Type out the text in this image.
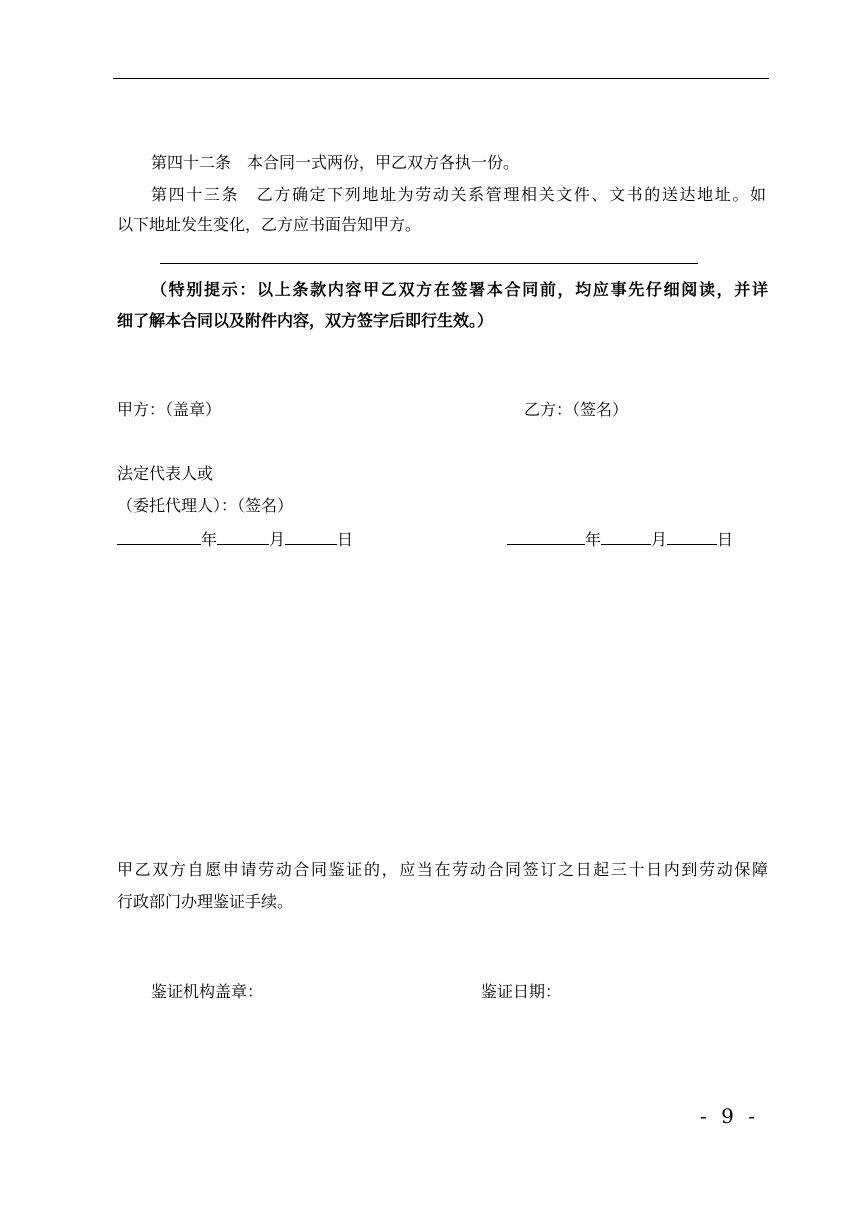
第四十二条　本合同一式两份，甲乙双方各执一份。
第四十三条　乙方确定下列地址为劳动关系管理相关文件、文书的送达地址。如
以下地址发生变化，乙方应书面告知甲方。
（特别提示：以上条款内容甲乙双方在签署本合同前，均应事先仔细阅读，并详
细了解本合同以及附件内容，双方签字后即行生效。）
甲方：（盖章）	乙方：（签名）
法定代表人或
（委托代理人）：（签名）
年	月	日	年	月	日
甲乙双方自愿申请劳动合同鉴证的，应当在劳动合同签订之日起三十日内到劳动保障
行政部门办理鉴证手续。
鉴证机构盖章：	鉴证日期：
- 9 -
